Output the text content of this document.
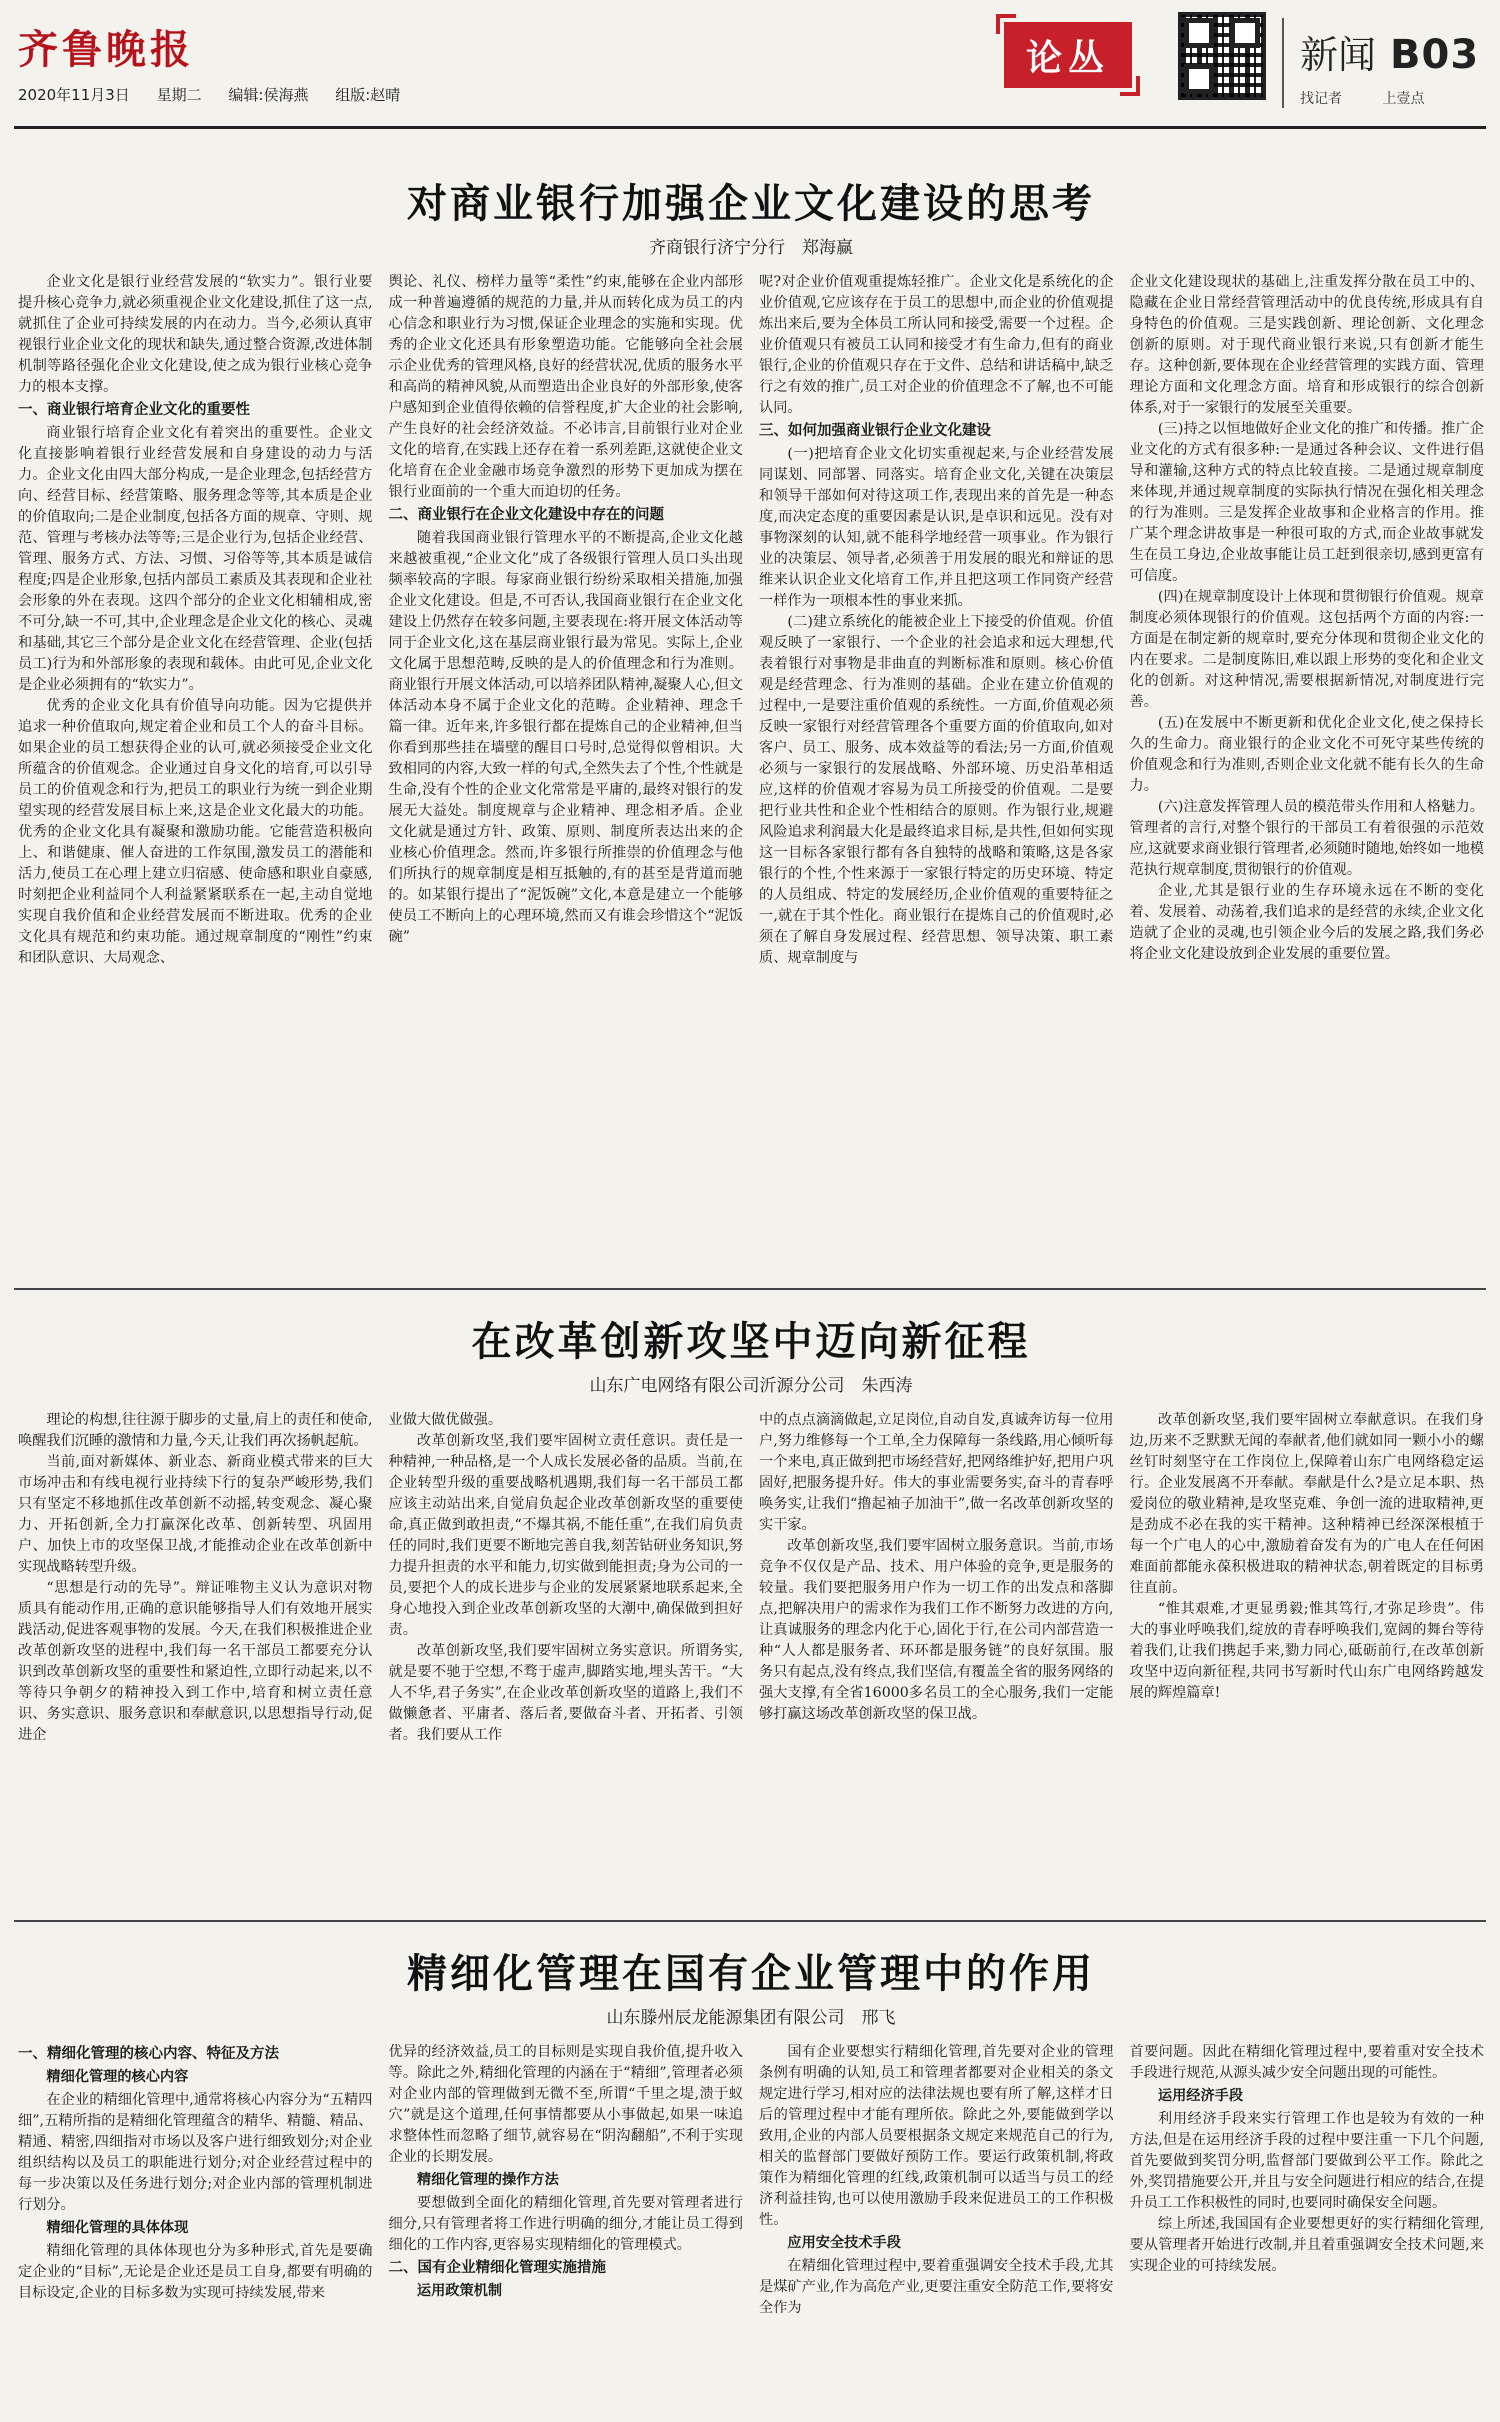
齐鲁晚报
2020年11月3日 星期二 编辑:侯海燕 组版:赵晴
论丛	新闻 B03
找记者	上壹点
对商业银行加强企业文化建设的思考
齐商银行济宁分行　郑海赢

企业文化是银行业经营发展的“软实力”。银行业要提升核心竞争力,就必须重视企业文化建设,抓住了这一点,就抓住了企业可持续发展的内在动力。当今,必须认真审视银行业企业文化的现状和缺失,通过整合资源,改进体制机制等路径强化企业文化建设,使之成为银行业核心竞争力的根本支撑。

一、商业银行培育企业文化的重要性

商业银行培育企业文化有着突出的重要性。企业文化直接影响着银行业经营发展和自身建设的动力与活力。企业文化由四大部分构成,一是企业理念,包括经营方向、经营目标、经营策略、服务理念等等,其本质是企业的价值取向;二是企业制度,包括各方面的规章、守则、规范、管理与考核办法等等;三是企业行为,包括企业经营、管理、服务方式、方法、习惯、习俗等等,其本质是诚信程度;四是企业形象,包括内部员工素质及其表现和企业社会形象的外在表现。这四个部分的企业文化相辅相成,密不可分,缺一不可,其中,企业理念是企业文化的核心、灵魂和基础,其它三个部分是企业文化在经营管理、企业(包括员工)行为和外部形象的表现和载体。由此可见,企业文化是企业必须拥有的“软实力”。

优秀的企业文化具有价值导向功能。因为它提供并追求一种价值取向,规定着企业和员工个人的奋斗目标。如果企业的员工想获得企业的认可,就必须接受企业文化所蕴含的价值观念。企业通过自身文化的培育,可以引导员工的价值观念和行为,把员工的职业行为统一到企业期望实现的经营发展目标上来,这是企业文化最大的功能。优秀的企业文化具有凝聚和激励功能。它能营造积极向上、和谐健康、催人奋进的工作氛围,激发员工的潜能和活力,使员工在心理上建立归宿感、使命感和职业自豪感,时刻把企业利益同个人利益紧紧联系在一起,主动自觉地实现自我价值和企业经营发展而不断进取。优秀的企业文化具有规范和约束功能。通过规章制度的“刚性”约束和团队意识、大局观念、

舆论、礼仪、榜样力量等“柔性”约束,能够在企业内部形成一种普遍遵循的规范的力量,并从而转化成为员工的内心信念和职业行为习惯,保证企业理念的实施和实现。优秀的企业文化还具有形象塑造功能。它能够向全社会展示企业优秀的管理风格,良好的经营状况,优质的服务水平和高尚的精神风貌,从而塑造出企业良好的外部形象,使客户感知到企业值得依赖的信誉程度,扩大企业的社会影响,产生良好的社会经济效益。不必讳言,目前银行业对企业文化的培育,在实践上还存在着一系列差距,这就使企业文化培育在企业金融市场竞争激烈的形势下更加成为摆在银行业面前的一个重大而迫切的任务。

二、商业银行在企业文化建设中存在的问题

随着我国商业银行管理水平的不断提高,企业文化越来越被重视,“企业文化”成了各级银行管理人员口头出现频率较高的字眼。每家商业银行纷纷采取相关措施,加强企业文化建设。但是,不可否认,我国商业银行在企业文化建设上仍然存在较多问题,主要表现在:将开展文体活动等同于企业文化,这在基层商业银行最为常见。实际上,企业文化属于思想范畴,反映的是人的价值理念和行为准则。商业银行开展文体活动,可以培养团队精神,凝聚人心,但文体活动本身不属于企业文化的范畴。企业精神、理念千篇一律。近年来,许多银行都在提炼自己的企业精神,但当你看到那些挂在墙壁的醒目口号时,总觉得似曾相识。大致相同的内容,大致一样的句式,全然失去了个性,个性就是生命,没有个性的企业文化常常是平庸的,最终对银行的发展无大益处。制度规章与企业精神、理念相矛盾。企业文化就是通过方针、政策、原则、制度所表达出来的企业核心价值理念。然而,许多银行所推崇的价值理念与他们所执行的规章制度是相互抵触的,有的甚至是背道而驰的。如某银行提出了“泥饭碗”文化,本意是建立一个能够使员工不断向上的心理环境,然而又有谁会珍惜这个“泥饭碗”

呢?对企业价值观重提炼轻推广。企业文化是系统化的企业价值观,它应该存在于员工的思想中,而企业的价值观提炼出来后,要为全体员工所认同和接受,需要一个过程。企业价值观只有被员工认同和接受才有生命力,但有的商业银行,企业的价值观只存在于文件、总结和讲话稿中,缺乏行之有效的推广,员工对企业的价值理念不了解,也不可能认同。

三、如何加强商业银行企业文化建设

(一)把培育企业文化切实重视起来,与企业经营发展同谋划、同部署、同落实。培育企业文化,关键在决策层和领导干部如何对待这项工作,表现出来的首先是一种态度,而决定态度的重要因素是认识,是卓识和远见。没有对事物深刻的认知,就不能科学地经营一项事业。作为银行业的决策层、领导者,必须善于用发展的眼光和辩证的思维来认识企业文化培育工作,并且把这项工作同资产经营一样作为一项根本性的事业来抓。

(二)建立系统化的能被企业上下接受的价值观。价值观反映了一家银行、一个企业的社会追求和远大理想,代表着银行对事物是非曲直的判断标准和原则。核心价值观是经营理念、行为准则的基础。企业在建立价值观的过程中,一是要注重价值观的系统性。一方面,价值观必须反映一家银行对经营管理各个重要方面的价值取向,如对客户、员工、服务、成本效益等的看法;另一方面,价值观必须与一家银行的发展战略、外部环境、历史沿革相适应,这样的价值观才容易为员工所接受的价值观。二是要把行业共性和企业个性相结合的原则。作为银行业,规避风险追求利润最大化是最终追求目标,是共性,但如何实现这一目标各家银行都有各自独特的战略和策略,这是各家银行的个性,个性来源于一家银行特定的历史环境、特定的人员组成、特定的发展经历,企业价值观的重要特征之一,就在于其个性化。商业银行在提炼自己的价值观时,必须在了解自身发展过程、经营思想、领导决策、职工素质、规章制度与

企业文化建设现状的基础上,注重发挥分散在员工中的、隐藏在企业日常经营管理活动中的优良传统,形成具有自身特色的价值观。三是实践创新、理论创新、文化理念创新的原则。对于现代商业银行来说,只有创新才能生存。这种创新,要体现在企业经营管理的实践方面、管理理论方面和文化理念方面。培育和形成银行的综合创新体系,对于一家银行的发展至关重要。

(三)持之以恒地做好企业文化的推广和传播。推广企业文化的方式有很多种:一是通过各种会议、文件进行倡导和灌输,这种方式的特点比较直接。二是通过规章制度来体现,并通过规章制度的实际执行情况在强化相关理念的行为准则。三是发挥企业故事和企业格言的作用。推广某个理念讲故事是一种很可取的方式,而企业故事就发生在员工身边,企业故事能让员工赶到很亲切,感到更富有可信度。

(四)在规章制度设计上体现和贯彻银行价值观。规章制度必须体现银行的价值观。这包括两个方面的内容:一方面是在制定新的规章时,要充分体现和贯彻企业文化的内在要求。二是制度陈旧,难以跟上形势的变化和企业文化的创新。对这种情况,需要根据新情况,对制度进行完善。

(五)在发展中不断更新和优化企业文化,使之保持长久的生命力。商业银行的企业文化不可死守某些传统的价值观念和行为准则,否则企业文化就不能有长久的生命力。

(六)注意发挥管理人员的模范带头作用和人格魅力。管理者的言行,对整个银行的干部员工有着很强的示范效应,这就要求商业银行管理者,必须随时随地,始终如一地模范执行规章制度,贯彻银行的价值观。

企业,尤其是银行业的生存环境永远在不断的变化着、发展着、动荡着,我们追求的是经营的永续,企业文化造就了企业的灵魂,也引领企业今后的发展之路,我们务必将企业文化建设放到企业发展的重要位置。

在改革创新攻坚中迈向新征程
山东广电网络有限公司沂源分公司　朱西涛

理论的构想,往往源于脚步的丈量,肩上的责任和使命,唤醒我们沉睡的激情和力量,今天,让我们再次扬帆起航。

当前,面对新媒体、新业态、新商业模式带来的巨大市场冲击和有线电视行业持续下行的复杂严峻形势,我们只有坚定不移地抓住改革创新不动摇,转变观念、凝心聚力、开拓创新,全力打赢深化改革、创新转型、巩固用户、加快上市的攻坚保卫战,才能推动企业在改革创新中实现战略转型升级。

“思想是行动的先导”。辩证唯物主义认为意识对物质具有能动作用,正确的意识能够指导人们有效地开展实践活动,促进客观事物的发展。今天,在我们积极推进企业改革创新攻坚的进程中,我们每一名干部员工都要充分认识到改革创新攻坚的重要性和紧迫性,立即行动起来,以不等待只争朝夕的精神投入到工作中,培育和树立责任意识、务实意识、服务意识和奉献意识,以思想指导行动,促进企

业做大做优做强。

改革创新攻坚,我们要牢固树立责任意识。责任是一种精神,一种品格,是一个人成长发展必备的品质。当前,在企业转型升级的重要战略机遇期,我们每一名干部员工都应该主动站出来,自觉肩负起企业改革创新攻坚的重要使命,真正做到敢担责,“不爆其祸,不能任重”,在我们肩负责任的同时,我们更要不断地完善自我,刻苦钻研业务知识,努力提升担责的水平和能力,切实做到能担责;身为公司的一员,要把个人的成长进步与企业的发展紧紧地联系起来,全身心地投入到企业改革创新攻坚的大潮中,确保做到担好责。

改革创新攻坚,我们要牢固树立务实意识。所谓务实,就是要不驰于空想,不骛于虚声,脚踏实地,埋头苦干。“大人不华,君子务实”,在企业改革创新攻坚的道路上,我们不做懒惫者、平庸者、落后者,要做奋斗者、开拓者、引领者。我们要从工作

中的点点滴滴做起,立足岗位,自动自发,真诚奔访每一位用户,努力维修每一个工单,全力保障每一条线路,用心倾听每一个来电,真正做到把市场经营好,把网络维护好,把用户巩固好,把服务提升好。伟大的事业需要务实,奋斗的青春呼唤务实,让我们“撸起袖子加油干”,做一名改革创新攻坚的实干家。

改革创新攻坚,我们要牢固树立服务意识。当前,市场竞争不仅仅是产品、技术、用户体验的竞争,更是服务的较量。我们要把服务用户作为一切工作的出发点和落脚点,把解决用户的需求作为我们工作不断努力改进的方向,让真诚服务的理念内化于心,固化于行,在公司内部营造一种“人人都是服务者、环环都是服务链”的良好氛围。服务只有起点,没有终点,我们坚信,有覆盖全省的服务网络的强大支撑,有全省16000多名员工的全心服务,我们一定能够打赢这场改革创新攻坚的保卫战。

改革创新攻坚,我们要牢固树立奉献意识。在我们身边,历来不乏默默无闻的奉献者,他们就如同一颗小小的螺丝钉时刻坚守在工作岗位上,保障着山东广电网络稳定运行。企业发展离不开奉献。奉献是什么?是立足本职、热爱岗位的敬业精神,是攻坚克难、争创一流的进取精神,更是劲成不必在我的实干精神。这种精神已经深深根植于每一个广电人的心中,激励着奋发有为的广电人在任何困难面前都能永葆积极进取的精神状态,朝着既定的目标勇往直前。

“惟其艰难,才更显勇毅;惟其笃行,才弥足珍贵”。伟大的事业呼唤我们,绽放的青春呼唤我们,宽阔的舞台等待着我们,让我们携起手来,勠力同心,砥砺前行,在改革创新攻坚中迈向新征程,共同书写新时代山东广电网络跨越发展的辉煌篇章!

精细化管理在国有企业管理中的作用
山东滕州辰龙能源集团有限公司　邢飞
一、精细化管理的核心内容、特征及方法
精细化管理的核心内容

在企业的精细化管理中,通常将核心内容分为“五精四细”,五精所指的是精细化管理蕴含的精华、精髓、精品、精通、精密,四细指对市场以及客户进行细致划分;对企业组织结构以及员工的职能进行划分;对企业经营过程中的每一步决策以及任务进行划分;对企业内部的管理机制进行划分。

精细化管理的具体体现

精细化管理的具体体现也分为多种形式,首先是要确定企业的“目标”,无论是企业还是员工自身,都要有明确的目标设定,企业的目标多数为实现可持续发展,带来

优异的经济效益,员工的目标则是实现自我价值,提升收入等。除此之外,精细化管理的内涵在于“精细”,管理者必须对企业内部的管理做到无微不至,所谓“千里之堤,溃于蚁穴”就是这个道理,任何事情都要从小事做起,如果一味追求整体性而忽略了细节,就容易在“阴沟翻船”,不利于实现企业的长期发展。

精细化管理的操作方法

要想做到全面化的精细化管理,首先要对管理者进行细分,只有管理者将工作进行明确的细分,才能让员工得到细化的工作内容,更容易实现精细化的管理模式。

二、国有企业精细化管理实施措施
运用政策机制

国有企业要想实行精细化管理,首先要对企业的管理条例有明确的认知,员工和管理者都要对企业相关的条文规定进行学习,相对应的法律法规也要有所了解,这样才日后的管理过程中才能有理所依。除此之外,要能做到学以致用,企业的内部人员要根据条文规定来规范自己的行为,相关的监督部门要做好预防工作。要运行政策机制,将政策作为精细化管理的红线,政策机制可以适当与员工的经济利益挂钩,也可以使用激励手段来促进员工的工作积极性。

应用安全技术手段

在精细化管理过程中,要着重强调安全技术手段,尤其是煤矿产业,作为高危产业,更要注重安全防范工作,要将安全作为

首要问题。因此在精细化管理过程中,要着重对安全技术手段进行规范,从源头减少安全问题出现的可能性。

运用经济手段

利用经济手段来实行管理工作也是较为有效的一种方法,但是在运用经济手段的过程中要注重一下几个问题,首先要做到奖罚分明,监督部门要做到公平工作。除此之外,奖罚措施要公开,并且与安全问题进行相应的结合,在提升员工工作积极性的同时,也要同时确保安全问题。

综上所述,我国国有企业要想更好的实行精细化管理,要从管理者开始进行改制,并且着重强调安全技术问题,来实现企业的可持续发展。
